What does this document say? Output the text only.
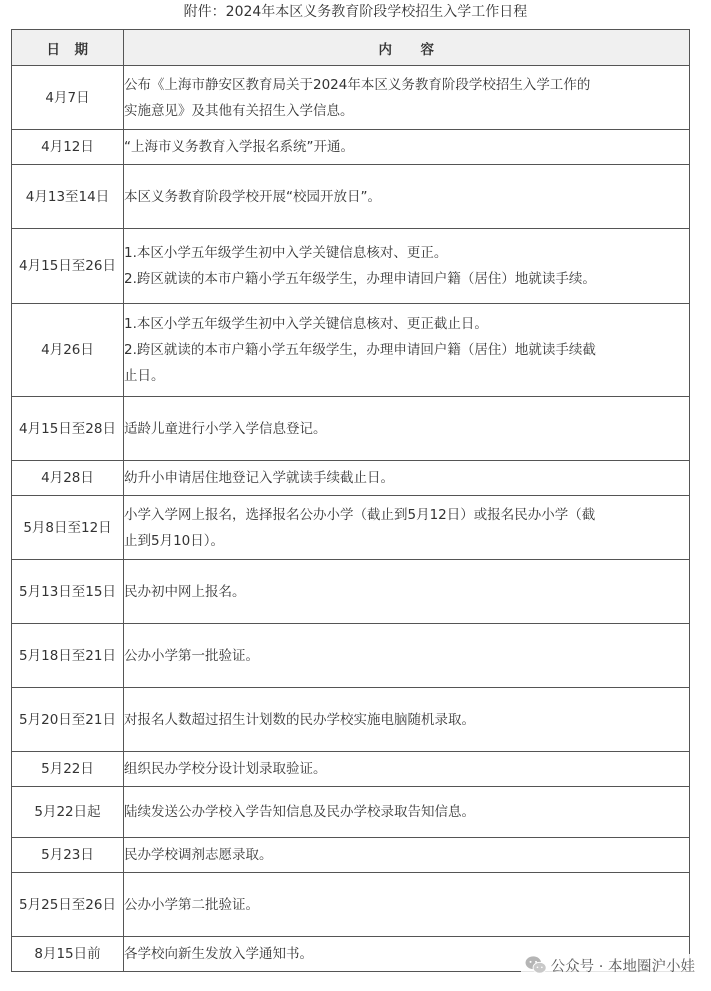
附件：2024年本区义务教育阶段学校招生入学工作日程
日　期	内　　容
4月7日	公布《上海市静安区教育局关于2024年本区义务教育阶段学校招生入学工作的
实施意见》及其他有关招生入学信息。

4月12日	“上海市义务教育入学报名系统”开通。

4月13至14日	本区义务教育阶段学校开展“校园开放日”。

4月15日至26日	1.本区小学五年级学生初中入学关键信息核对、更正。
2.跨区就读的本市户籍小学五年级学生，办理申请回户籍（居住）地就读手续。

4月26日	1.本区小学五年级学生初中入学关键信息核对、更正截止日。
2.跨区就读的本市户籍小学五年级学生，办理申请回户籍（居住）地就读手续截
止日。

4月15日至28日	适龄儿童进行小学入学信息登记。

4月28日	幼升小申请居住地登记入学就读手续截止日。

5月8日至12日	小学入学网上报名，选择报名公办小学（截止到5月12日）或报名民办小学（截
止到5月10日）。

5月13日至15日	民办初中网上报名。

5月18日至21日	公办小学第一批验证。

5月20日至21日	对报名人数超过招生计划数的民办学校实施电脑随机录取。

5月22日	组织民办学校分设计划录取验证。

5月22日起	陆续发送公办学校入学告知信息及民办学校录取告知信息。

5月23日	民办学校调剂志愿录取。

5月25日至26日	公办小学第二批验证。

8月15日前	各学校向新生发放入学通知书。
公众号 · 本地圈沪小娃
